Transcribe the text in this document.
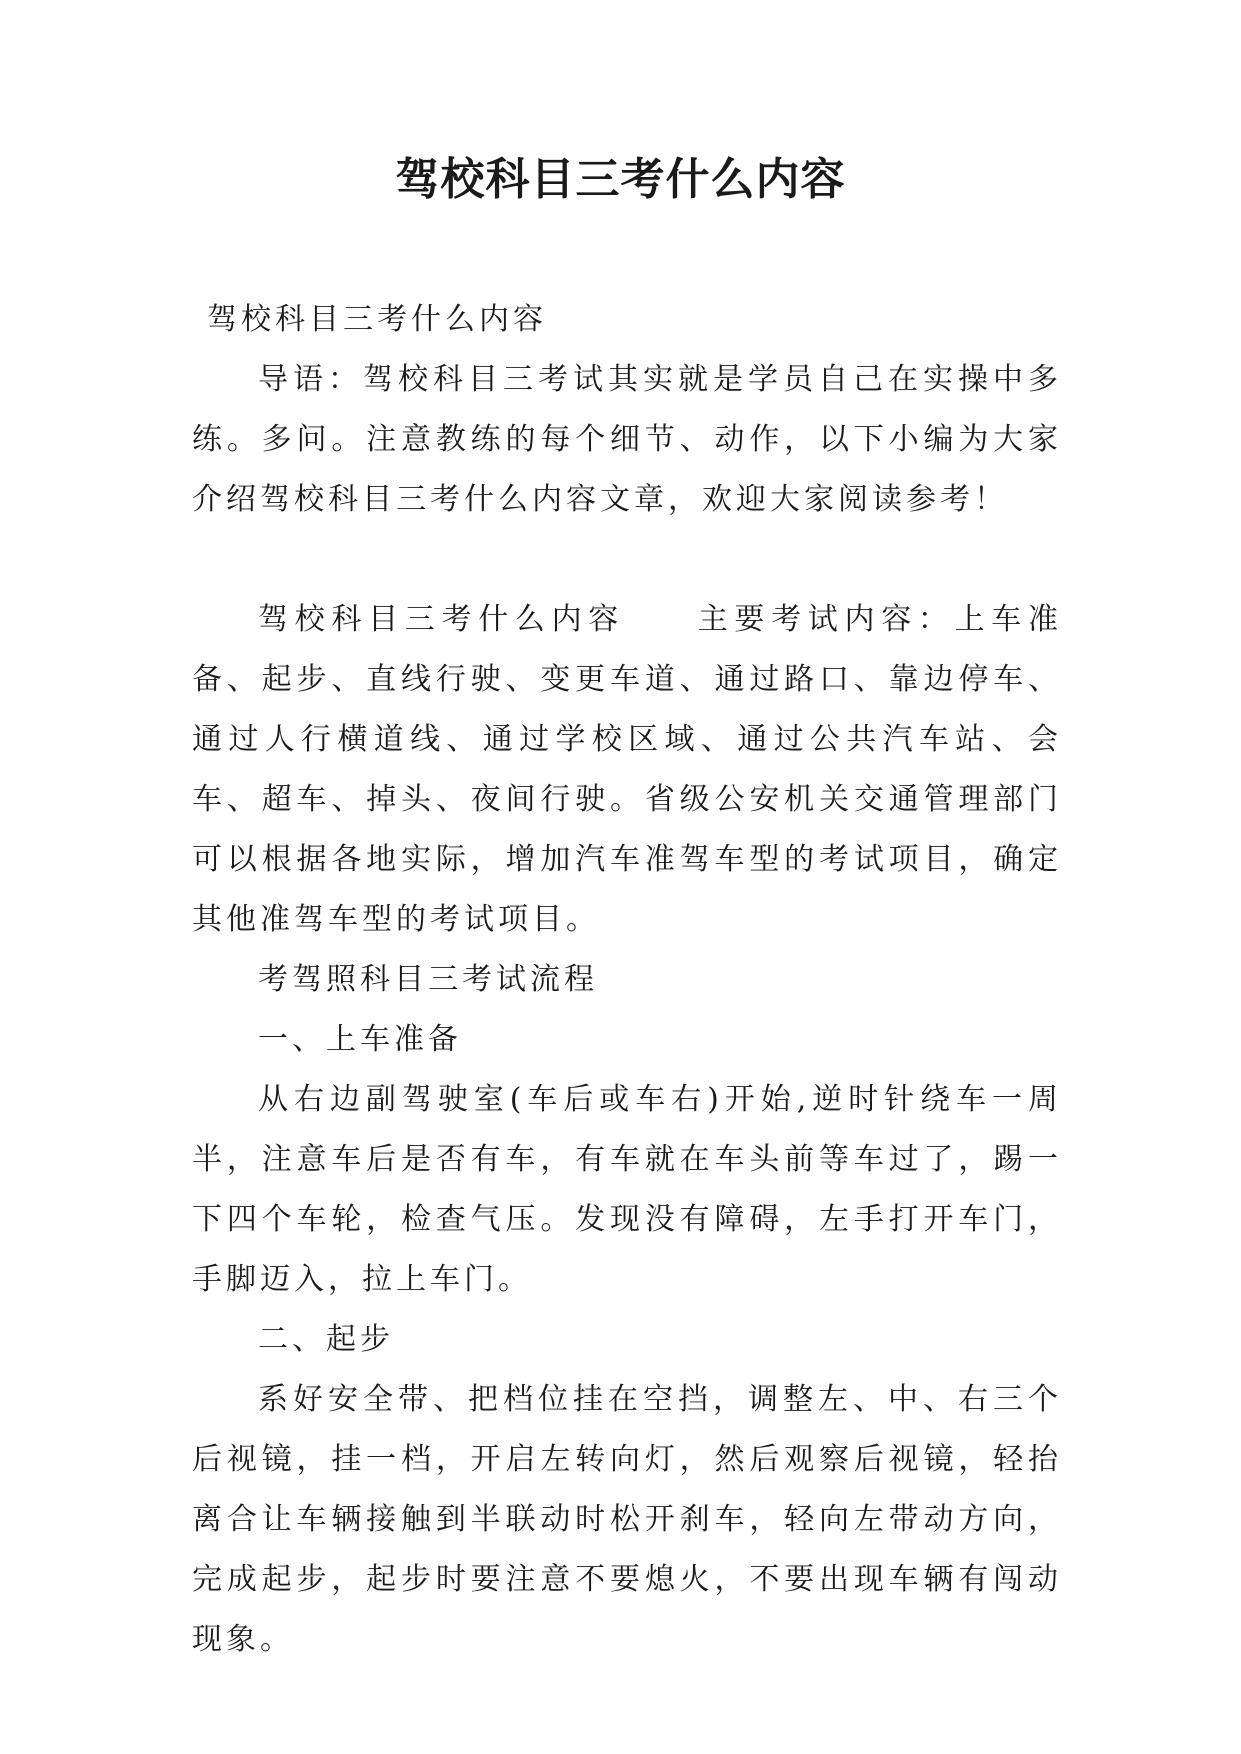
驾校科目三考什么内容

驾校科目三考什么内容

导语：驾校科目三考试其实就是学员自己在实操中多练。多问。注意教练的每个细节、动作，以下小编为大家介绍驾校科目三考什么内容文章，欢迎大家阅读参考！

驾校科目三考什么内容 主要考试内容：上车准备、起步、直线行驶、变更车道、通过路口、靠边停车、通过人行横道线、通过学校区域、通过公共汽车站、会车、超车、掉头、夜间行驶。省级公安机关交通管理部门可以根据各地实际，增加汽车准驾车型的考试项目，确定其他准驾车型的考试项目。

考驾照科目三考试流程

一、上车准备

从右边副驾驶室(车后或车右)开始,逆时针绕车一周半，注意车后是否有车，有车就在车头前等车过了，踢一下四个车轮，检查气压。发现没有障碍，左手打开车门，手脚迈入，拉上车门。

二、起步

系好安全带、把档位挂在空挡，调整左、中、右三个后视镜，挂一档，开启左转向灯，然后观察后视镜，轻抬离合让车辆接触到半联动时松开刹车，轻向左带动方向，完成起步，起步时要注意不要熄火，不要出现车辆有闯动现象。
